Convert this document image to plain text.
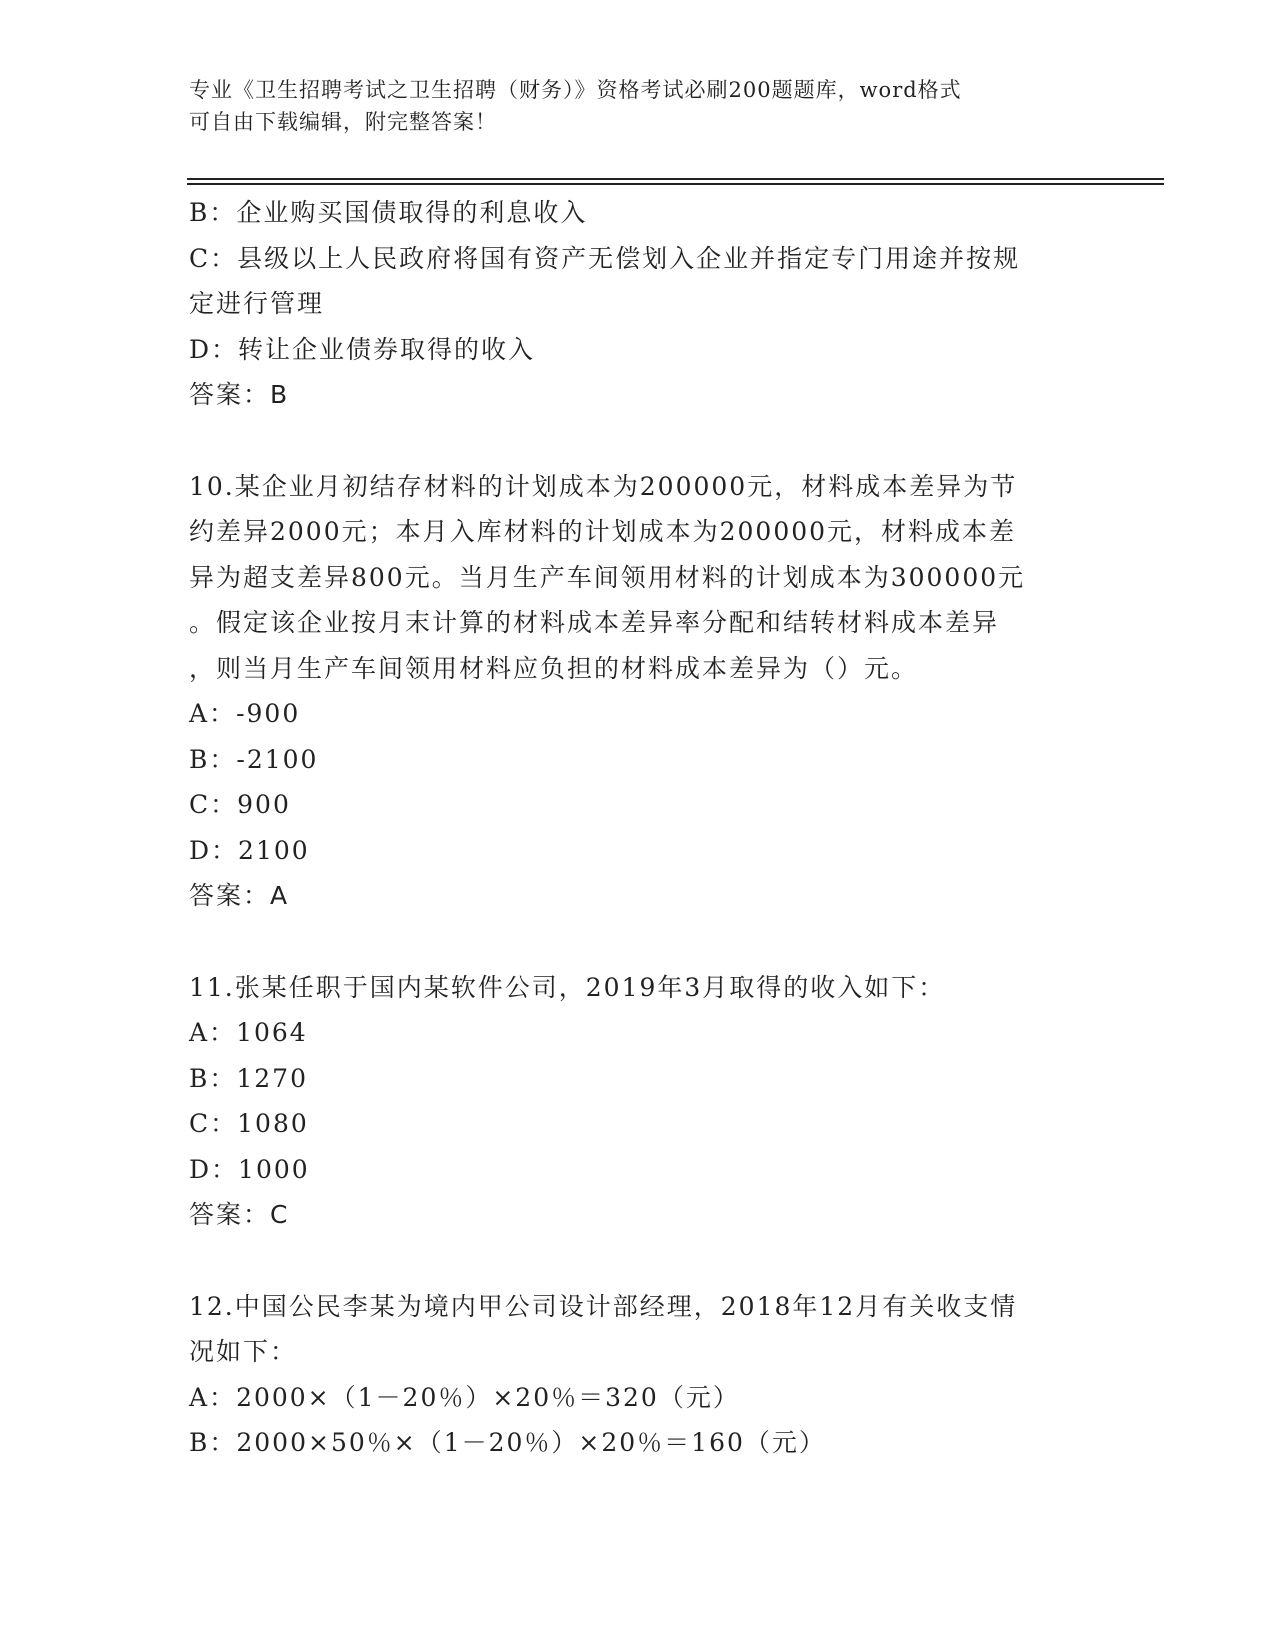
专业《卫生招聘考试之卫生招聘（财务）》资格考试必刷200题题库，word格式
可自由下载编辑，附完整答案！
B：企业购买国债取得的利息收入
C：县级以上人民政府将国有资产无偿划入企业并指定专门用途并按规
定进行管理
D：转让企业债券取得的收入
答案：B
10.某企业月初结存材料的计划成本为200000元，材料成本差异为节
约差异2000元；本月入库材料的计划成本为200000元，材料成本差
异为超支差异800元。当月生产车间领用材料的计划成本为300000元
。假定该企业按月末计算的材料成本差异率分配和结转材料成本差异
，则当月生产车间领用材料应负担的材料成本差异为（）元。
A：-900
B：-2100
C：900
D：2100
答案：A
11.张某任职于国内某软件公司，2019年3月取得的收入如下：
A：1064
B：1270
C：1080
D：1000
答案：C
12.中国公民李某为境内甲公司设计部经理，2018年12月有关收支情
况如下：
A：2000×（1－20％）×20％＝320（元）
B：2000×50％×（1－20％）×20％＝160（元）
